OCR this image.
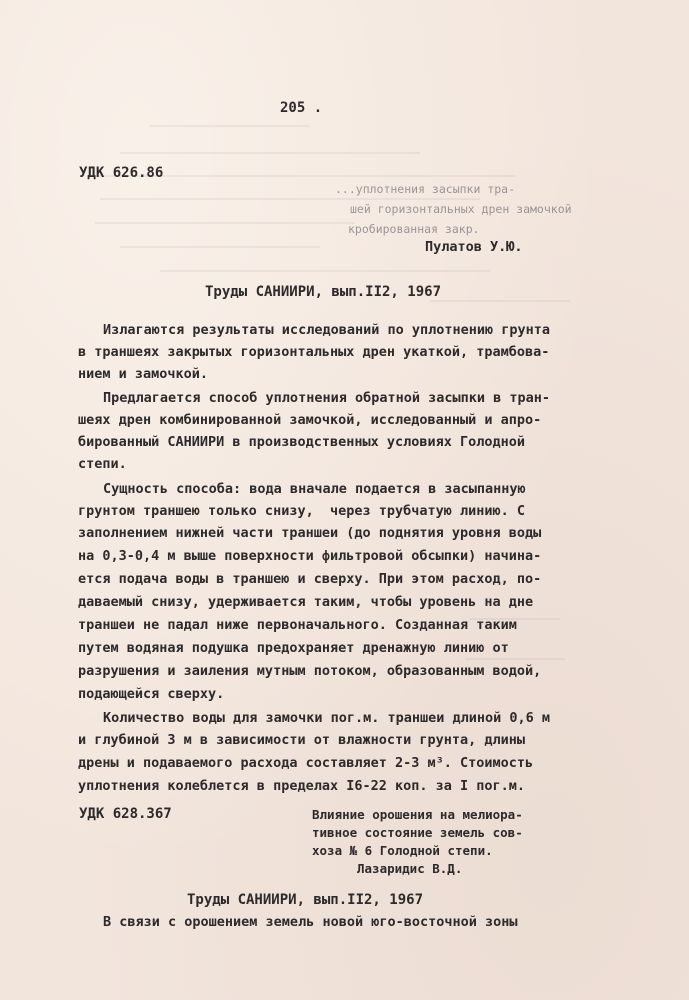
205 .
УДК 626.86
...уплотнения засыпки тра-
шей горизонтальных дрен замочкой
кробированная закр.
Пулатов У.Ю.
Труды САНИИРИ, вып.II2, 1967
Излагаются результаты исследований по уплотнению грунта
в траншеях закрытых горизонтальных дрен укаткой, трамбова-
нием и замочкой.
Предлагается способ уплотнения обратной засыпки в тран-
шеях дрен комбинированной замочкой, исследованный и апро-
бированный САНИИРИ в производственных условиях Голодной
степи.
Сущность способа: вода вначале подается в засыпанную
грунтом траншею только снизу,  через трубчатую линию. С
заполнением нижней части траншеи (до поднятия уровня воды
на 0,3-0,4 м выше поверхности фильтровой обсыпки) начина-
ется подача воды в траншею и сверху. При этом расход, по-
даваемый снизу, удерживается таким, чтобы уровень на дне
траншеи не падал ниже первоначального. Созданная таким
путем водяная подушка предохраняет дренажную линию от
разрушения и заиления мутным потоком, образованным водой,
подающейся сверху.
Количество воды для замочки пог.м. траншеи длиной 0,6 м
и глубиной 3 м в зависимости от влажности грунта, длины
дрены и подаваемого расхода составляет 2-3 м³. Стоимость
уплотнения колеблется в пределах I6-22 коп. за I пог.м.
УДК 628.367	Влияние орошения на мелиора-
тивное состояние земель сов-
хоза № 6 Голодной степи.
Лазаридис В.Д.
Труды САНИИРИ, вып.II2, 1967
В связи с орошением земель новой юго-восточной зоны
